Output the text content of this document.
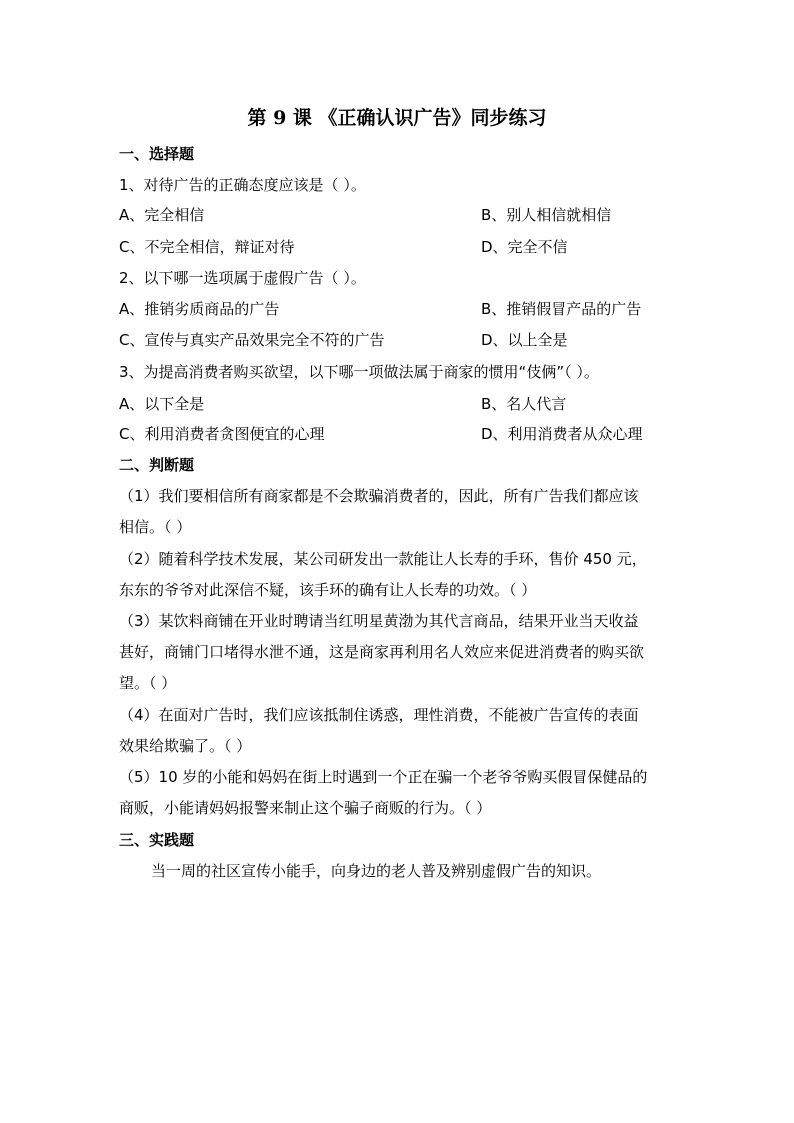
第 9 课 《正确认识广告》同步练习
一、选择题
1、对待广告的正确态度应该是（ ）。
A、完全相信	B、别人相信就相信
C、不完全相信，辩证对待	D、完全不信
2、以下哪一选项属于虚假广告（ ）。
A、推销劣质商品的广告	B、推销假冒产品的广告
C、宣传与真实产品效果完全不符的广告	D、以上全是
3、为提高消费者购买欲望，以下哪一项做法属于商家的惯用“伎俩”（ ）。
A、以下全是	B、名人代言
C、利用消费者贪图便宜的心理	D、利用消费者从众心理
二、判断题
（1）我们要相信所有商家都是不会欺骗消费者的，因此，所有广告我们都应该
相信。（ ）
（2）随着科学技术发展，某公司研发出一款能让人长寿的手环，售价 450 元，
东东的爷爷对此深信不疑，该手环的确有让人长寿的功效。（ ）
（3）某饮料商铺在开业时聘请当红明星黄渤为其代言商品，结果开业当天收益
甚好，商铺门口堵得水泄不通，这是商家再利用名人效应来促进消费者的购买欲
望。（ ）
（4）在面对广告时，我们应该抵制住诱惑，理性消费，不能被广告宣传的表面
效果给欺骗了。（ ）
（5）10 岁的小能和妈妈在街上时遇到一个正在骗一个老爷爷购买假冒保健品的
商贩，小能请妈妈报警来制止这个骗子商贩的行为。（ ）
三、实践题
当一周的社区宣传小能手，向身边的老人普及辨别虚假广告的知识。
